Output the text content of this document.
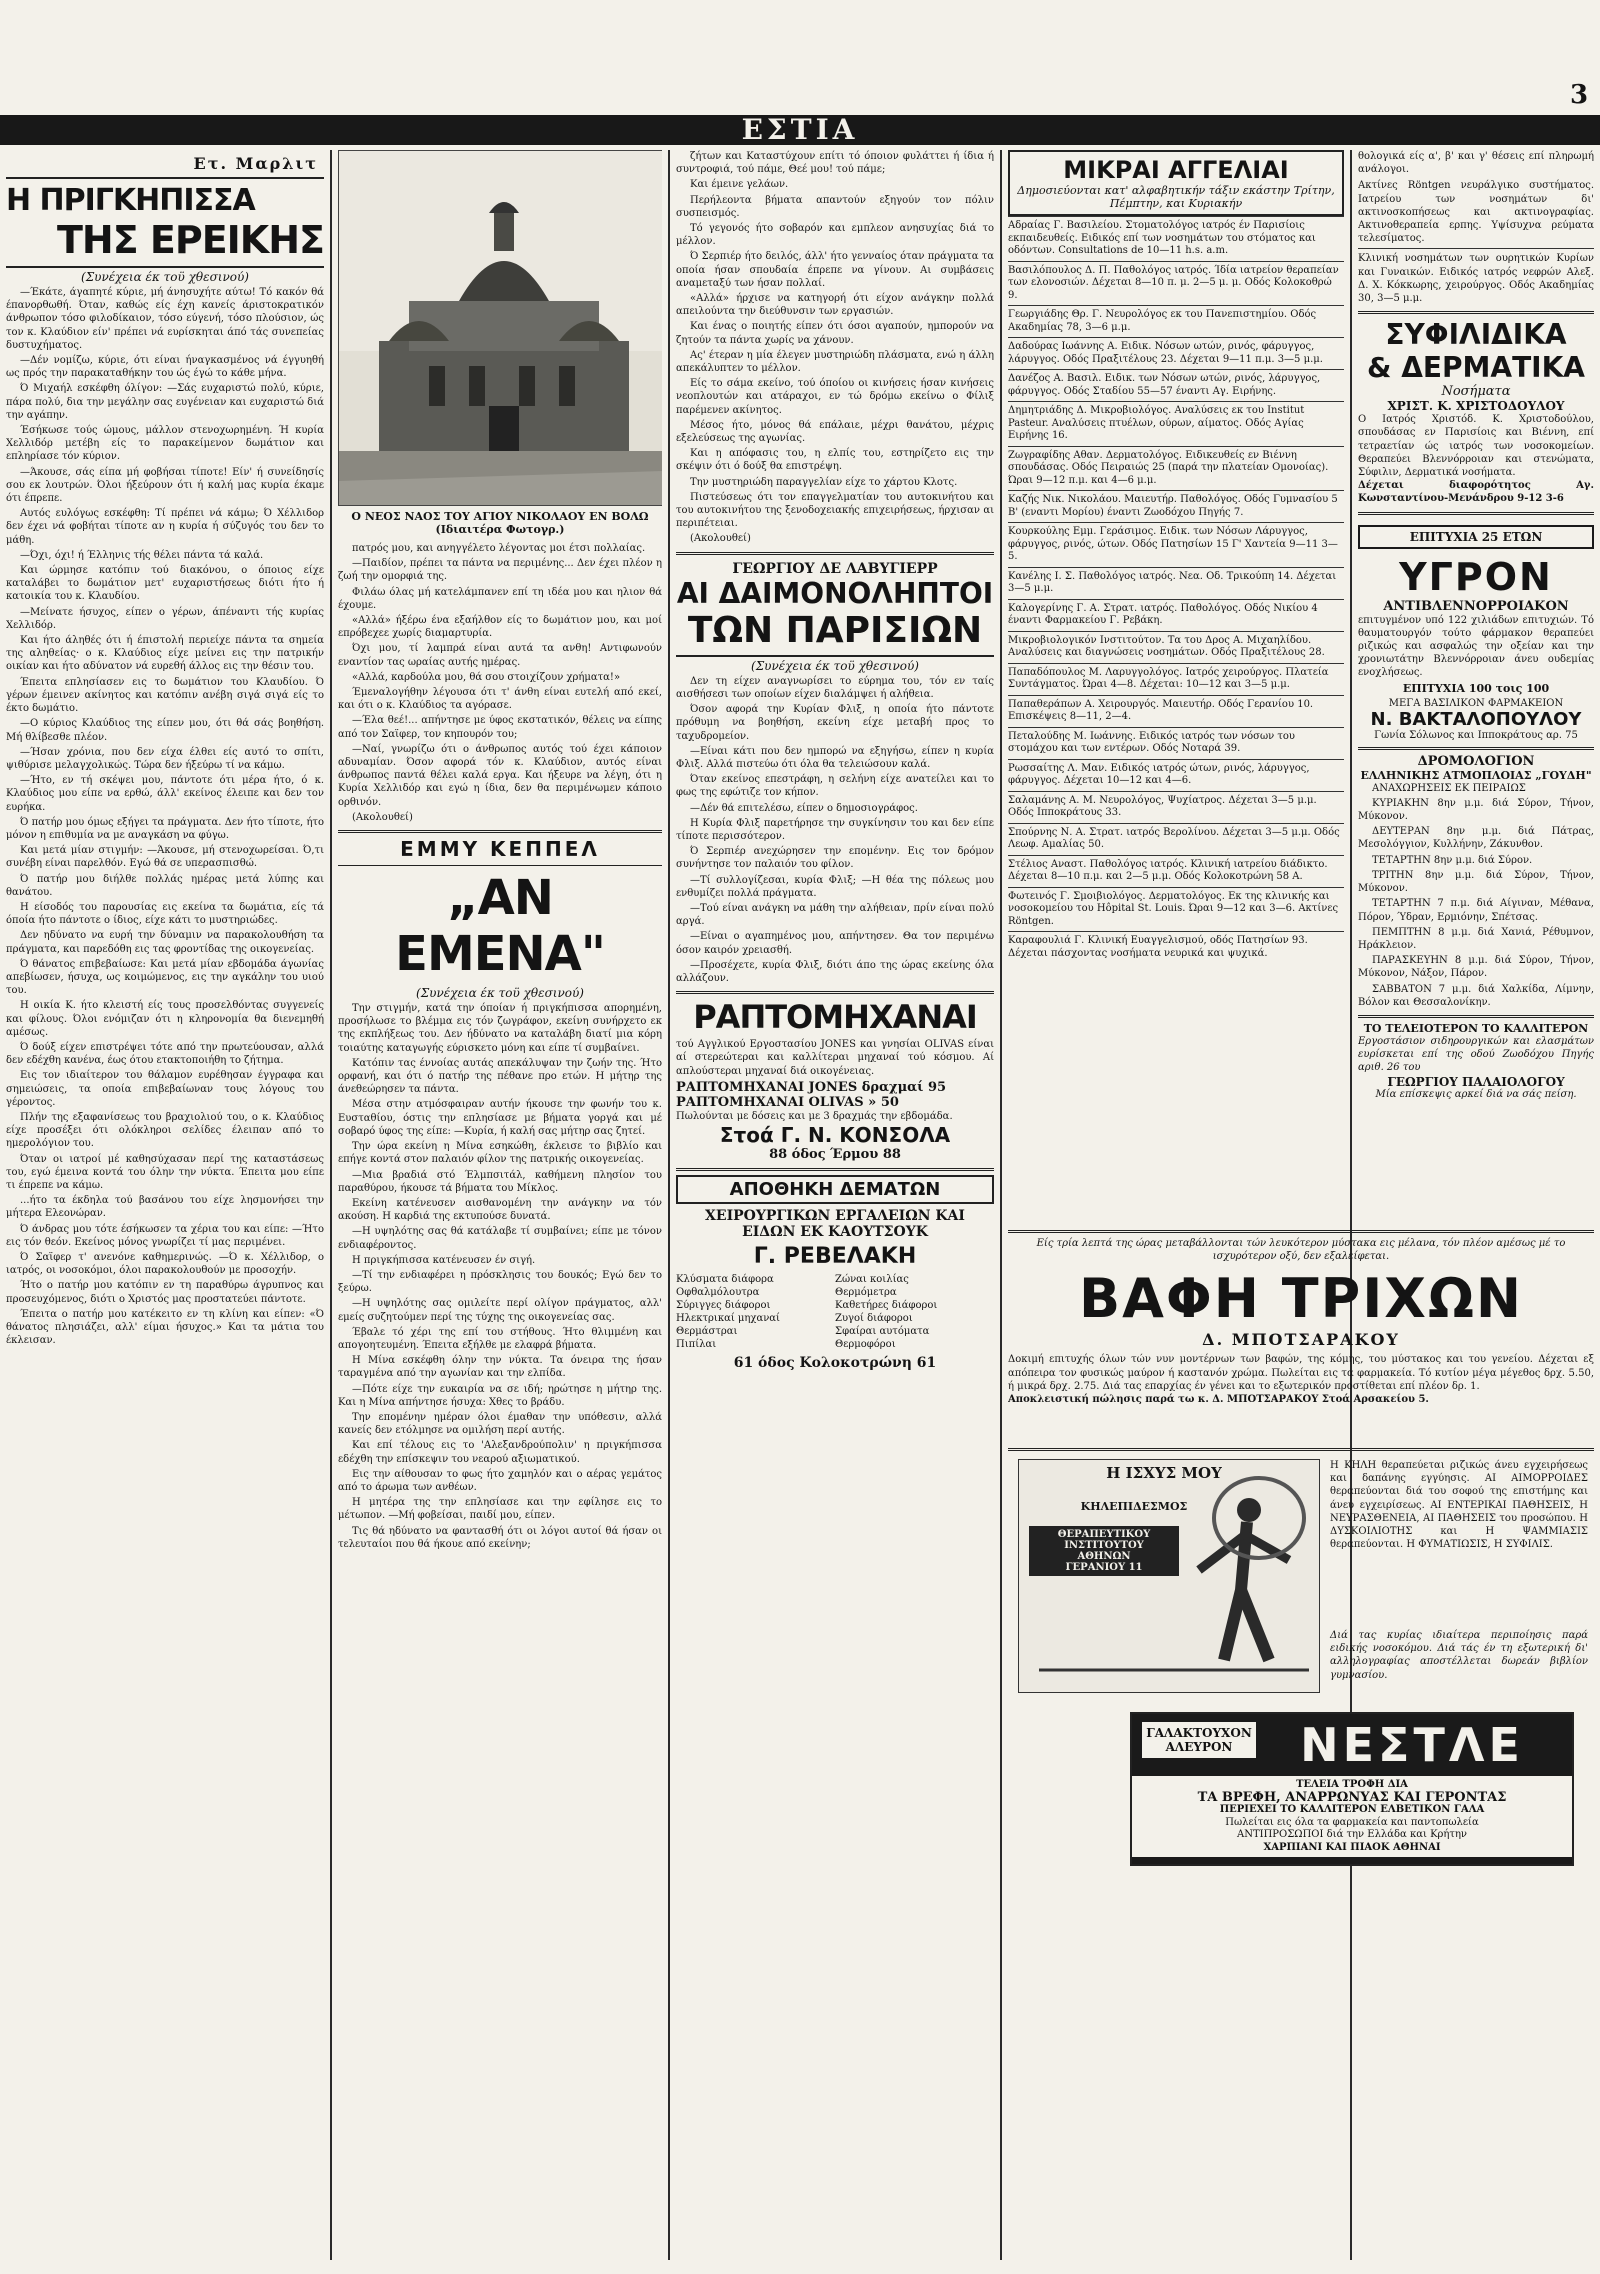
ΕΣΤΙΑ
3
Ετ. Μαρλιτ
Η ΠΡΙΓΚΗΠΙΣΣΑ
ΤΗΣ ΕΡΕΙΚΗΣ
(Συνέχεια έκ τοϋ χθεσινού)

—Έκάτε, άγαπητέ κύριε, μή άνησυχήτε αύτω! Τό κακόν θά έπανορθωθή. Όταν, καθώς είς έχη κανείς άριστοκρατικόν άνθρωπον τόσο φιλοδίκαιον, τόσο εύγενή, τόσο πλούσιον, ώς τον κ. Κλαύδιον είν' πρέπει νά ευρίσκηται άπό τάς συνεπείας δυστυχήματος.

—Δέν νομίζω, κύριε, ότι είναι ήναγκασμένος νά έγγυηθή ως πρός την παρακαταθήκην του ώς έγώ το κάθε μήνα.

Ό Μιχαήλ εσκέφθη όλίγον: —Σάς ευχαριστώ πολύ, κύριε, πάρα πολύ, δια την μεγάλην σας ευγένειαν και ευχαριστώ διά την αγάπην.

Έσήκωσε τούς ώμους, μάλλον στενοχωρημένη. Ή κυρία Χελλιδόρ μετέβη είς το παρακείμενον δωμάτιον και επληρίασε τόν κύριον.

—Άκουσε, σάς είπα μή φοβήσαι τίποτε! Είν' ή συνείδησίς σου εκ λουτρών. Όλοι ήξεύρουν ότι ή καλή μας κυρία έκαμε ότι έπρεπε.

Αυτός ευλόγως εσκέφθη: Τί πρέπει νά κάμω; Ό Χέλλιδορ δεν έχει νά φοβήται τίποτε αν η κυρία ή σύζυγός του δεν το μάθη.

—Όχι, όχι! ή Έλληνις τής θέλει πάντα τά καλά.

Και ώρμησε κατόπιν τού διακόνου, ο όποιος είχε καταλάβει το δωμάτιον μετ' ευχαριστήσεως διότι ήτο ή κατοικία του κ. Κλαυδίου.

—Μείνατε ήσυχος, είπεν ο γέρων, άπέναντι τής κυρίας Χελλιδόρ.

Και ήτο άληθές ότι ή έπιστολή περιείχε πάντα τα σημεία της αληθείας· ο κ. Κλαύδιος είχε μείνει εις την πατρικήν οικίαν και ήτο αδύνατον νά ευρεθή άλλος εις την θέσιν του.

Έπειτα επλησίασεν εις το δωμάτιον του Κλαυδίου. Ό γέρων έμεινεν ακίνητος και κατόπιν ανέβη σιγά σιγά είς το έκτο δωμάτιο.

—Ο κύριος Κλαύδιος της είπεν μου, ότι θά σάς βοηθήση. Μή θλίβεσθε πλέον.

—Ήσαν χρόνια, που δεν είχα έλθει είς αυτό το σπίτι, ψιθύρισε μελαγχολικώς. Τώρα δεν ήξεύρω τί να κάμω.

—Ήτο, εν τή σκέψει μου, πάντοτε ότι μέρα ήτο, ό κ. Κλαύδιος μου είπε να ερθώ, άλλ' εκείνος έλειπε και δεν τον ευρήκα.

Ό πατήρ μου όμως εξήγει τα πράγματα. Δεν ήτο τίποτε, ήτο μόνον η επιθυμία να με αναγκάση να φύγω.

Και μετά μίαν στιγμήν: —Άκουσε, μή στενοχωρείσαι. Ό,τι συνέβη είναι παρελθόν. Εγώ θά σε υπερασπισθώ.

Ό πατήρ μου διήλθε πολλάς ημέρας μετά λύπης και θανάτου.

Η είσοδός του παρουσίας εις εκείνα τα δωμάτια, είς τά όποία ήτο πάντοτε ο ίδιος, είχε κάτι το μυστηριώδες.

Δεν ηδύνατο να ευρή την δύναμιν να παρακολουθήση τα πράγματα, και παρεδόθη εις τας φροντίδας της οικογενείας.

Ό θάνατος επιβεβαίωσε: Και μετά μίαν εβδομάδα άγωνίας απεβίωσεν, ήσυχα, ως κοιμώμενος, εις την αγκάλην του υιού του.

Η οικία Κ. ήτο κλειστή είς τους προσελθόντας συγγενείς και φίλους. Όλοι ενόμιζαν ότι η κληρονομία θα διενεμηθή αμέσως.

Ό δούξ είχεν επιστρέψει τότε από την πρωτεύουσαν, αλλά δεν εδέχθη κανένα, έως ότου ετακτοποιήθη το ζήτημα.

Εις τον ιδιαίτερον του θάλαμον ευρέθησαν έγγραφα και σημειώσεις, τα οποία επιβεβαίωναν τους λόγους του γέροντος.

Πλήν της εξαφανίσεως του βραχιολιού του, ο κ. Κλαύδιος είχε προσέξει ότι ολόκληροι σελίδες έλειπαν από το ημερολόγιον του.

Όταν οι ιατροί μέ καθησύχασαν περί της καταστάσεως του, εγώ έμεινα κοντά του όλην την νύκτα. Έπειτα μου είπε τι έπρεπε να κάμω.

...ήτο τα έκδηλα τού βασάνου του είχε λησμονήσει την μήτερα Ελεονώραν.

Ό άνδρας μου τότε έσήκωσεν τα χέρια του και είπε: —Ήτο εις τόν θεόν. Εκείνος μόνος γνωρίζει τί μας περιμένει.

Ό Σαϊφερ τ' ανενόνε καθημερινώς. —Ό κ. Χέλλιδορ, ο ιατρός, οι νοσοκόμοι, όλοι παρακολουθούν με προσοχήν.

Ήτο ο πατήρ μου κατόπιν εν τη παραθύρω άγρυπνος και προσευχόμενος, διότι ο Χριστός μας προστατεύει πάντοτε.

Έπειτα ο πατήρ μου κατέκειτο εν τη κλίνη και είπεν: «Ό θάνατος πλησιάζει, αλλ' είμαι ήσυχος.» Και τα μάτια του έκλεισαν.

Ο ΝΕΟΣ ΝΑΟΣ ΤΟΥ ΑΓΙΟΥ ΝΙΚΟΛΑΟΥ ΕΝ ΒΟΛΩ (Ιδιαιτέρα Φωτογρ.)

πατρός μου, και ανηγγέλετο λέγοντας μοι έτσι πολλαίας.

—Παιδίον, πρέπει τα πάντα να περιμένης... Δεν έχει πλέον η ζωή την ομορφιά της.

Φιλάω όλας μή κατελάμπανεν επί τη ιδέα μου και ηλιον θά έχουμε.

«Αλλά» ήξέρω ένα εξαήλθον είς το δωμάτιον μου, και μοί επρόβεχεε χωρίς διαμαρτυρία.

Όχι μου, τί λαμπρά είναι αυτά τα ανθη! Αντιφωνούν εναντίον τας ωραίας αυτής ημέρας.

«Αλλά, καρδούλα μου, θά σου στοιχίζουν χρήματα!»

Έμεναλογήθην λέγουσα ότι τ' άνθη είναι ευτελή από εκεί, και ότι ο κ. Κλαύδιος τα αγόρασε.

—Έλα θεέ!... απήντησε με ύφος εκστατικόν, θέλεις να είπης από τον Σαϊφερ, τον κηπουρόν του;

—Ναί, γνωρίζω ότι ο άνθρωπος αυτός τού έχει κάποιον αδυναμίαν. Όσον αφορά τόν κ. Κλαύδιον, αυτός είναι άνθρωπος παντά θέλει καλά εργα. Και ήξευρε να λέγη, ότι η Κυρία Χελλιδόρ και εγώ η ίδια, δεν θα περιμένωμεν κάποιο ορθινόν.

(Ακολουθεί)

ΕΜΜΥ ΚΕΠΠΕΛ
„ΑΝ ΕΜΕΝΑ"
(Συνέχεια έκ τοϋ χθεσινού)

Την στιγμήν, κατά την όποίαν ή πριγκήπισσα απορημένη, προσήλωσε το βλέμμα εις τόν ζωγράφον, εκείνη συνήρχετο εκ της εκπλήξεως του. Δεν ήδύνατο να καταλάβη διατί μια κόρη τοιαύτης καταγωγής εύρισκετο μόνη και είπε τί συμβαίνει.

Κατόπιν τας έννοίας αυτάς απεκάλυψαν την ζωήν της. Ήτο ορφανή, και ότι ό πατήρ της πέθανε προ ετών. Η μήτηρ της άνεθεώρησεν τα πάντα.

Μέσα στην ατμόσφαιραν αυτήν ήκουσε την φωνήν του κ. Ευσταθίου, όστις την επλησίασε με βήματα γοργά και μέ σοβαρό ύφος της είπε: —Κυρία, ή καλή σας μήτηρ σας ζητεί.

Την ώρα εκείνη η Μίνα εσηκώθη, έκλεισε το βιβλίο και επήγε κοντά στον παλαιόν φίλον της πατρικής οικογενείας.

—Μια βραδιά στό Έλμπσιτάλ, καθήμενη πλησίον του παραθύρου, ήκουσε τά βήματα του Μίκλος.

Εκείνη κατένευσεν αισθανομένη την ανάγκην να τόν ακούση. Η καρδιά της εκτυπούσε δυνατά.

—Η υψηλότης σας θά κατάλαβε τί συμβαίνει; είπε με τόνον ενδιαφέροντος.

Η πριγκήπισσα κατένευσεν έν σιγή.

—Τί την ενδιαφέρει η πρόσκλησις του δουκός; Εγώ δεν το ξεύρω.

—Η υψηλότης σας ομιλείτε περί ολίγον πράγματος, αλλ' εμείς συζητούμεν περί της τύχης της οικογενείας σας.

Έβαλε τό χέρι της επί του στήθους. Ήτο θλιμμένη και απογοητευμένη. Έπειτα εξήλθε με ελαφρά βήματα.

Η Μίνα εσκέφθη όλην την νύκτα. Τα όνειρα της ήσαν ταραγμένα από την αγωνίαν και την ελπίδα.

—Πότε είχε την ευκαιρία να σε ιδή; ηρώτησε η μήτηρ της. Και η Μίνα απήντησε ήσυχα: Χθες το βράδυ.

Την επομένην ημέραν όλοι έμαθαν την υπόθεσιν, αλλά κανείς δεν ετόλμησε να ομιλήση περί αυτής.

Και επί τέλους εις το 'Αλεξανδρούπολιν' η πριγκήπισσα εδέχθη την επίσκεψιν του νεαρού αξιωματικού.

Εις την αίθουσαν το φως ήτο χαμηλόν και ο αέρας γεμάτος από το άρωμα των ανθέων.

Η μητέρα της την επλησίασε και την εφίλησε εις το μέτωπον. —Μή φοβείσαι, παιδί μου, είπεν.

Τις θά ηδύνατο να φαντασθή ότι οι λόγοι αυτοί θά ήσαν οι τελευταίοι που θά ήκουε από εκείνην;

ζήτων και Καταστύχουν επίτι τό όποιον φυλάττει ή ίδια ή συντροφιά, τού πάμε, Θεέ μου! τού πάμε;

Και έμεινε γελάων.

Περήλεοντα βήματα απαντούν εξηγούν τον πόλιν συσπεισμός.

Τό γεγονός ήτο σοβαρόν και εμπλεον ανησυχίας διά το μέλλον.

Ό Σερπιέρ ήτο δειλός, άλλ' ήτο γενναίος όταν πράγματα τα οποία ήσαν σπουδαία έπρεπε να γίνουν. Αι συμβάσεις αναμεταξύ των ήσαν πολλαί.

«Αλλά» ήρχισε να κατηγορή ότι είχον ανάγκην πολλά απειλούντα την διεύθυνσιν των εργασιών.

Και ένας ο ποιητής είπεν ότι όσοι αγαπούν, ημπορούν να ζητούν τα πάντα χωρίς να χάνουν.

Ας' έτεραν η μία έλεγεν μυστηριώδη πλάσματα, ενώ η άλλη απεκάλυπτεν το μέλλον.

Είς το σάμα εκείνο, τού όποίου οι κινήσεις ήσαν κινήσεις νεοπλουτών και ατάραχοι, εν τώ δρόμω εκείνω ο Φίλιξ παρέμενεν ακίνητος.

Μέσος ήτο, μόνος θά επάλαιε, μέχρι θανάτου, μέχρις εξελεύσεως της αγωνίας.

Και η απόφασις του, η ελπίς του, εστηρίζετο εις την σκέψιν ότι ό δούξ θα επιστρέψη.

Την μυστηριώδη παραγγελίαν είχε το χάρτου Κλοτς.

Πιστεύσεως ότι τον επαγγελματίαν του αυτοκινήτου και του αυτοκινήτου της ξενοδοχειακής επιχειρήσεως, ήρχισαν αι περιπέτειαι.

(Ακολουθεί)

ΓΕΩΡΓΙΟΥ ΔΕ ΛΑΒΥΓΙΕΡΡ
ΑΙ ΔΑΙΜΟΝΟΛΗΠΤΟΙ
ΤΩΝ ΠΑΡΙΣΙΩΝ
(Συνέχεια έκ τοϋ χθεσινού)

Δεν τη είχεν αναγνωρίσει το εύρημα του, τόν εν ταίς αισθήσεσι των οποίων είχεν διαλάμψει ή αλήθεια.

Όσον αφορά την Κυρίαν Φλιξ, η οποία ήτο πάντοτε πρόθυμη να βοηθήση, εκείνη είχε μεταβή προς το ταχυδρομείον.

—Είναι κάτι που δεν ημπορώ να εξηγήσω, είπεν η κυρία Φλιξ. Αλλά πιστεύω ότι όλα θα τελειώσουν καλά.

Όταν εκείνος επεστράφη, η σελήνη είχε ανατείλει και το φως της εφώτιζε τον κήπον.

—Δέν θά επιτελέσω, είπεν ο δημοσιογράφος.

Η Κυρία Φλιξ παρετήρησε την συγκίνησιν του και δεν είπε τίποτε περισσότερον.

Ό Σερπιέρ ανεχώρησεν την επομένην. Εις τον δρόμον συνήντησε τον παλαιόν του φίλον.

—Τί συλλογίζεσαι, κυρία Φλιξ; —Η θέα της πόλεως μου ενθυμίζει πολλά πράγματα.

—Τού είναι ανάγκη να μάθη την αλήθειαν, πρίν είναι πολύ αργά.

—Είναι ο αγαπημένος μου, απήντησεν. Θα τον περιμένω όσον καιρόν χρειασθή.

—Προσέχετε, κυρία Φλιξ, διότι άπο της ώρας εκείνης όλα αλλάζουν.

ΡΑΠΤΟΜΗΧΑΝΑΙ
τού Αγγλικού Εργοστασίου JONES και γνησίαι OLIVAS είναι αί στερεώτεραι και καλλίτεραι μηχαναί τού κόσμου. Αί απλούστεραι μηχαναί διά οικογένειας.
ΡΑΠΤΟΜΗΧΑΝΑΙ JONES δραχμαί 95
ΡΑΠΤΟΜΗΧΑΝΑΙ OLIVAS » 50
Πωλούνται με δόσεις και με 3 δραχμάς την εβδομάδα.
Στοά Γ. Ν. ΚΟΝΣΟΛΑ
88 όδος Έρμου 88
ΑΠΟΘΗΚΗ ΔΕΜΑΤΩΝ
ΧΕΙΡΟΥΡΓΙΚΩΝ ΕΡΓΑΛΕΙΩΝ ΚΑΙ ΕΙΔΩΝ ΕΚ ΚΑΟΥΤΣΟΥΚ
Γ. ΡΕΒΕΛΑΚΗ
Κλύσματα διάφορα	Ζώναι κοιλίας
Οφθαλμόλουτρα	Θερμόμετρα
Σύριγγες διάφοροι	Καθετήρες διάφοροι
Ηλεκτρικαί μηχαναί	Ζυγοί διάφοροι
Θερμάστραι	Σφαίραι αυτόματα
Πιπίλαι	Θερμοφόροι
61 όδος Κολοκοτρώνη 61
ΜΙΚΡΑΙ ΑΓΓΕΛΙΑΙ
Δημοσιεύονται κατ' αλφαβητικήν τάξιν εκάστην Τρίτην, Πέμπτην, και Κυριακήν
Αδραίας Γ. Βασιλείου. Στοματολόγος ιατρός έν Παρισίοις εκπαιδευθείς. Ειδικός επί των νοσημάτων του στόματος και οδόντων. Consultations de 10—11 h.s. a.m.
Βασιλόπουλος Δ. Π. Παθολόγος ιατρός. Ίδία ιατρείον θεραπείαν των ελονοσιών. Δέχεται 8—10 π. μ. 2—5 μ. μ. Οδός Κολοκοθρώ 9.
Γεωργιάδης Θρ. Γ. Νευρολόγος εκ του Πανεπιστημίου. Οδός Ακαδημίας 78, 3—6 μ.μ.
Δαδούρας Ιωάννης Α. Ειδικ. Νόσων ωτών, ρινός, φάρυγγος, λάρυγγος. Οδός Πραξιτέλους 23. Δέχεται 9—11 π.μ. 3—5 μ.μ.
Δανέζος Α. Βασιλ. Ειδικ. των Νόσων ωτών, ρινός, λάρυγγος, φάρυγγος. Οδός Σταδίου 55—57 έναντι Αγ. Ειρήνης.
Δημητριάδης Δ. Μικροβιολόγος. Αναλύσεις εκ του Institut Pasteur. Αναλύσεις πτυέλων, ούρων, αίματος. Οδός Αγίας Ειρήνης 16.
Ζωγραφίδης Αθαν. Δερματολόγος. Ειδικευθείς εν Βιέννη σπουδάσας. Οδός Πειραιώς 25 (παρά την πλατείαν Ομονοίας). Ώραι 9—12 π.μ. και 4—6 μ.μ.
Καζής Νικ. Νικολάου. Μαιευτήρ. Παθολόγος. Οδός Γυμνασίου 5 Β' (εναντι Μορίου) έναντι Ζωοδόχου Πηγής 7.
Κουρκούλης Εμμ. Γεράσιμος. Ειδικ. των Νόσων Λάρυγγος, φάρυγγος, ρινός, ώτων. Οδός Πατησίων 15 Γ' Χαντεία 9—11 3—5.
Κανέλης Ι. Σ. Παθολόγος ιατρός. Νεα. Οδ. Τρικούπη 14. Δέχεται 3—5 μ.μ.
Καλογερίνης Γ. Α. Στρατ. ιατρός. Παθολόγος. Οδός Νικίου 4 έναντι Φαρμακείου Γ. Ρεβάκη.
Μικροβιολογικόν Ινστιτούτον. Τα του Δρος Α. Μιχαηλίδου. Αναλύσεις και διαγνώσεις νοσημάτων. Οδός Πραξιτέλους 28.
Παπαδόπουλος Μ. Λαρυγγολόγος. Ιατρός χειρούργος. Πλατεία Συντάγματος. Ώραι 4—8. Δέχεται: 10—12 και 3—5 μ.μ.
Παπαθεράπων Α. Χειρουργός. Μαιευτήρ. Οδός Γερανίου 10. Επισκέψεις 8—11, 2—4.
Πεταλούδης Μ. Ιωάννης. Ειδικός ιατρός των νόσων του στομάχου και των εντέρων. Οδός Νοταρά 39.
Ρωσσαίτης Λ. Μαν. Ειδικός ιατρός ώτων, ρινός, λάρυγγος, φάρυγγος. Δέχεται 10—12 και 4—6.
Σαλαμάνης Α. Μ. Νευρολόγος, Ψυχίατρος. Δέχεται 3—5 μ.μ. Οδός Ιπποκράτους 33.
Σπούρνης Ν. Α. Στρατ. ιατρός Βερολίνου. Δέχεται 3—5 μ.μ. Οδός Λεωφ. Αμαλίας 50.
Στέλιος Αναστ. Παθολόγος ιατρός. Κλινική ιατρείου διάδικτο. Δέχεται 8—10 π.μ. και 2—5 μ.μ. Οδός Κολοκοτρώνη 58 Α.
Φωτεινός Γ. Σμοιβιολόγος. Δερματολόγος. Εκ της κλινικής και νοσοκομείου του Hôpital St. Louis. Ώραι 9—12 και 3—6. Ακτίνες Röntgen.
Καραφουλιά Γ. Κλινική Ευαγγελισμού, οδός Πατησίων 93. Δέχεται πάσχοντας νοσήματα νευρικά και ψυχικά.
θολογικά είς α', β' και γ' θέσεις επί πληρωμή ανάλογοι.
Ακτίνες Röntgen νευράλγικο συστήματος. Ιατρείου των νοσημάτων δι' ακτινοσκοπήσεως και ακτινογραφίας. Ακτινοθεραπεία ερπης. Υψίσυχνα ρεύματα τελεσίματος.
Κλινική νοσημάτων των ουρητικών Κυρίων και Γυναικών. Ειδικός ιατρός νεφρών Αλεξ. Δ. Χ. Κόκκωρης, χειρούργος. Οδός Ακαδημίας 30, 3—5 μ.μ.
ΣΥΦΙΛΙΔΙΚΑ
& ΔΕΡΜΑΤΙΚΑ
Νοσήματα
ΧΡΙΣΤ. Κ. ΧΡΙΣΤΟΔΟΥΛΟΥ
Ο Ιατρός Χριστόδ. Κ. Χριστοδούλου, σπουδάσας εν Παρισίοις και Βιέννη, επί τετραετίαν ώς ιατρός των νοσοκομείων. Θεραπεύει Βλεννόρροιαν και στενώματα, Σύφιλιν, Δερματικά νοσήματα.
Δέχεται διαφορότητος Αγ. Κωνσταντίνου-Μενάνδρου 9-12 3-6
ΕΠΙΤΥΧΙΑ 25 ΕΤΩΝ
ΥΓΡΟΝ
ΑΝΤΙΒΛΕΝΝΟΡΡΟΙΑΚΟΝ
επιτυγμένον υπό 122 χιλιάδων επιτυχιών. Τό θαυματουργόν τούτο φάρμακον θεραπεύει ριζικώς και ασφαλώς την οξείαν και την χρονιωτάτην Βλεννόρροιαν άνευ ουδεμίας ενοχλήσεως.
ΕΠΙΤΥΧΙΑ 100 τοις 100
ΜΕΓΑ ΒΑΣΙΛΙΚΟΝ ΦΑΡΜΑΚΕΙΟΝ
Ν. ΒΑΚΤΑΛΟΠΟΥΛΟΥ
Γωνία Σόλωνος και Ιπποκράτους αρ. 75
ΔΡΟΜΟΛΟΓΙΟΝ
ΕΛΛΗΝΙΚΗΣ ΑΤΜΟΠΛΟΙΑΣ „ΓΟΥΔΗ"

ΑΝΑΧΩΡΗΣΕΙΣ ΕΚ ΠΕΙΡΑΙΩΣ

ΚΥΡΙΑΚΗΝ 8ην μ.μ. διά Σύρον, Τήνον, Μύκονον.

ΔΕΥΤΕΡΑΝ 8ην μ.μ. διά Πάτρας, Μεσολόγγιον, Κυλλήνην, Ζάκυνθον.

ΤΕΤΑΡΤΗΝ 8ην μ.μ. διά Σύρον.

ΤΡΙΤΗΝ 8ην μ.μ. διά Σύρον, Τήνον, Μύκονον.

ΤΕΤΑΡΤΗΝ 7 π.μ. διά Αίγιναν, Μέθανα, Πόρον, Ύδραν, Ερμιόνην, Σπέτσας.

ΠΕΜΠΤΗΝ 8 μ.μ. διά Χανιά, Ρέθυμνον, Ηράκλειον.

ΠΑΡΑΣΚΕΥΗΝ 8 μ.μ. διά Σύρον, Τήνον, Μύκονον, Νάξον, Πάρον.

ΣΑΒΒΑΤΟΝ 7 μ.μ. διά Χαλκίδα, Λίμνην, Βόλον και Θεσσαλονίκην.

ΤΟ ΤΕΛΕΙΟΤΕΡΟΝ ΤΟ ΚΑΛΛΙΤΕΡΟΝ
Εργοστάσιον σιδηρουργικών και ελασμάτων ευρίσκεται επί της οδού Ζωοδόχου Πηγής αριθ. 26 του
ΓΕΩΡΓΙΟΥ ΠΑΛΑΙΟΛΟΓΟΥ
Μία επίσκεψις αρκεί διά να σάς πείση.
Είς τρία λεπτά της ώρας μεταβάλλονται τών λευκότερον μύστακα εις μέλανα, τόν πλέον αμέσως μέ το ισχυρότερον οξύ, δεν εξαλείφεται.
ΒΑΦΗ ΤΡΙΧΩΝ
Δ. ΜΠΟΤΣΑΡΑΚΟΥ
Δοκιμή επιτυχής όλων τών νυν μοντέρνων των βαφών, της κόμης, του μύστακος και του γενείου. Δέχεται εξ απόπειρα τον φυσικώς μαύρον ή καστανόν χρώμα. Πωλείται εις τα φαρμακεία. Τό κυτίον μέγα μέγεθος δρχ. 5.50, ή μικρά δρχ. 2.75. Διά τας επαρχίας έν γένει και το εξωτερικόν προστίθεται επί πλέον δρ. 1.
Αποκλειστική πώλησις παρά τω κ. Δ. ΜΠΟΤΣΑΡΑΚΟΥ Στοά Αρσακείου 5.
Η ΙΣΧΥΣ ΜΟΥ
ΚΗΛΕΠΙΔΕΣΜΟΣ
ΘΕΡΑΠΕΥΤΙΚΟΥ
ΙΝΣΤΙΤΟΥΤΟΥ
ΑΘΗΝΩΝ
ΓΕΡΑΝΙΟΥ 11
Η ΚΗΛΗ θεραπεύεται ριζικώς άνευ εγχειρήσεως και δαπάνης εγγύησις. ΑΙ ΑΙΜΟΡΡΟΙΔΕΣ θεραπεύονται διά του σοφού της επιστήμης και άνευ εγχειρίσεως. ΑΙ ΕΝΤΕΡΙΚΑΙ ΠΑΘΗΣΕΙΣ, Η ΝΕΥΡΑΣΘΕΝΕΙΑ, ΑΙ ΠΑΘΗΣΕΙΣ του προσώπου. Η ΔΥΣΚΟΙΛΙΟΤΗΣ και Η ΨΑΜΜΙΑΣΙΣ θεραπεύονται. Η ΦΥΜΑΤΙΩΣΙΣ, Η ΣΥΦΙΛΙΣ.
Διά τας κυρίας ιδιαίτερα περιποίησις παρά ειδικής νοσοκόμου. Διά τάς έν τη εξωτερική δι' αλληλογραφίας αποστέλλεται δωρεάν βιβλίον γυμνασίου.
ΓΑΛΑΚΤΟΥΧΟΝ ΑΛΕΥΡΟΝ	ΝΕΣΤΛΕ
ΤΕΛΕΙΑ ΤΡΟΦΗ ΔΙΑ
ΤΑ ΒΡΕΦΗ, ΑΝΑΡΡΩΝΥΑΣ ΚΑΙ ΓΕΡΟΝΤΑΣ
ΠΕΡΙΕΧΕΙ ΤΟ ΚΑΛΛΙΤΕΡΟΝ ΕΛΒΕΤΙΚΟΝ ΓΑΛΑ
Πωλείται εις όλα τα φαρμακεία και παντοπωλεία
ΑΝΤΙΠΡΟΣΩΠΟΙ διά την Ελλάδα και Κρήτην
ΧΑΡΠΙΑΝΙ ΚΑΙ ΠΙΑΟΚ ΑΘΗΝΑΙ
